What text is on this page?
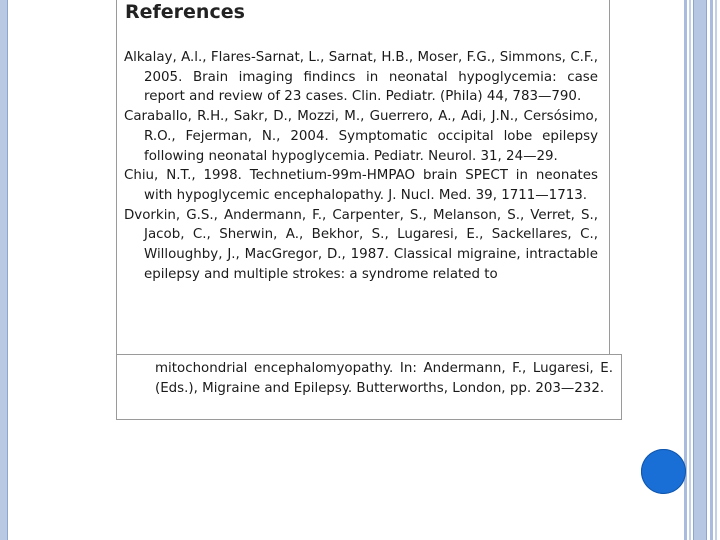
References

Alkalay, A.l., Flares-Sarnat, L., Sarnat, H.B., Moser, F.G., Simmons, C.F., 2005. Brain imaging findincs in neonatal hypoglycemia: case report and review of 23 cases. Clin. Pediatr. (Phila) 44, 783—790.

Caraballo, R.H., Sakr, D., Mozzi, M., Guerrero, A., Adi, J.N., Cersósimo, R.O., Fejerman, N., 2004. Symptomatic occipital lobe epilepsy following neonatal hypoglycemia. Pediatr. Neurol. 31, 24—29.

Chiu, N.T., 1998. Technetium-99m-HMPAO brain SPECT in neonates with hypoglycemic encephalopathy. J. Nucl. Med. 39, 1711—1713.

Dvorkin, G.S., Andermann, F., Carpenter, S., Melanson, S., Verret, S., Jacob, C., Sherwin, A., Bekhor, S., Lugaresi, E., Sackellares, C., Willoughby, J., MacGregor, D., 1987. Classical migraine, intractable epilepsy and multiple strokes: a syndrome related to

mitochondrial encephalomyopathy. In: Andermann, F., Lugaresi, E. (Eds.), Migraine and Epilepsy. Butterworths, London, pp. 203—232.
